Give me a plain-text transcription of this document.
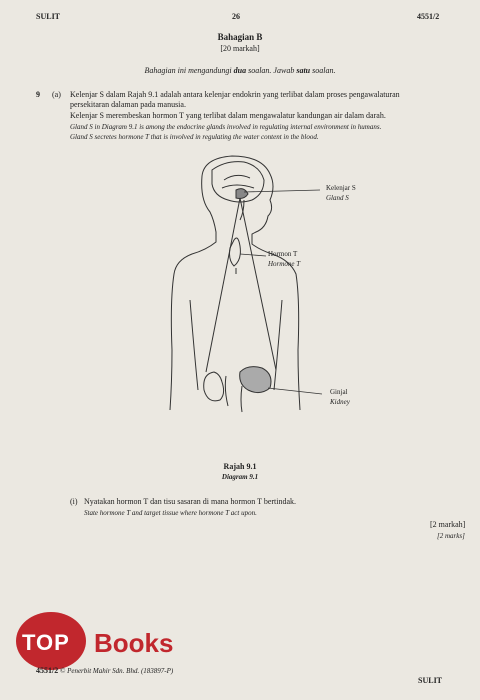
SULIT	26	4551/2
Bahagian B
[20 markah]
Bahagian ini mengandungi dua soalan. Jawab satu soalan.
9 (a) Kelenjar S dalam Rajah 9.1 adalah antara kelenjar endokrin yang terlibat dalam proses pengawalaturan
persekitaran dalaman pada manusia.
Kelenjar S merembeskan hormon T yang terlibat dalam mengawalatur kandungan air dalam darah.
Gland S in Diagram 9.1 is among the endocrine glands involved in regulating internal environment in humans.
Gland S secretes hormone T that is involved in regulating the water content in the blood.
Kelenjar S
Gland S
Hormon T
Hormone T
Ginjal
Kidney
Rajah 9.1
Diagram 9.1
(i) Nyatakan hormon T dan tisu sasaran di mana hormon T bertindak.
State hormone T and target tissue where hormone T act upon.
[2 markah]
[2 marks]
TOP Books
4551/2 © Penerbit Mahir Sdn. Bhd. (183897-P)
SULIT
